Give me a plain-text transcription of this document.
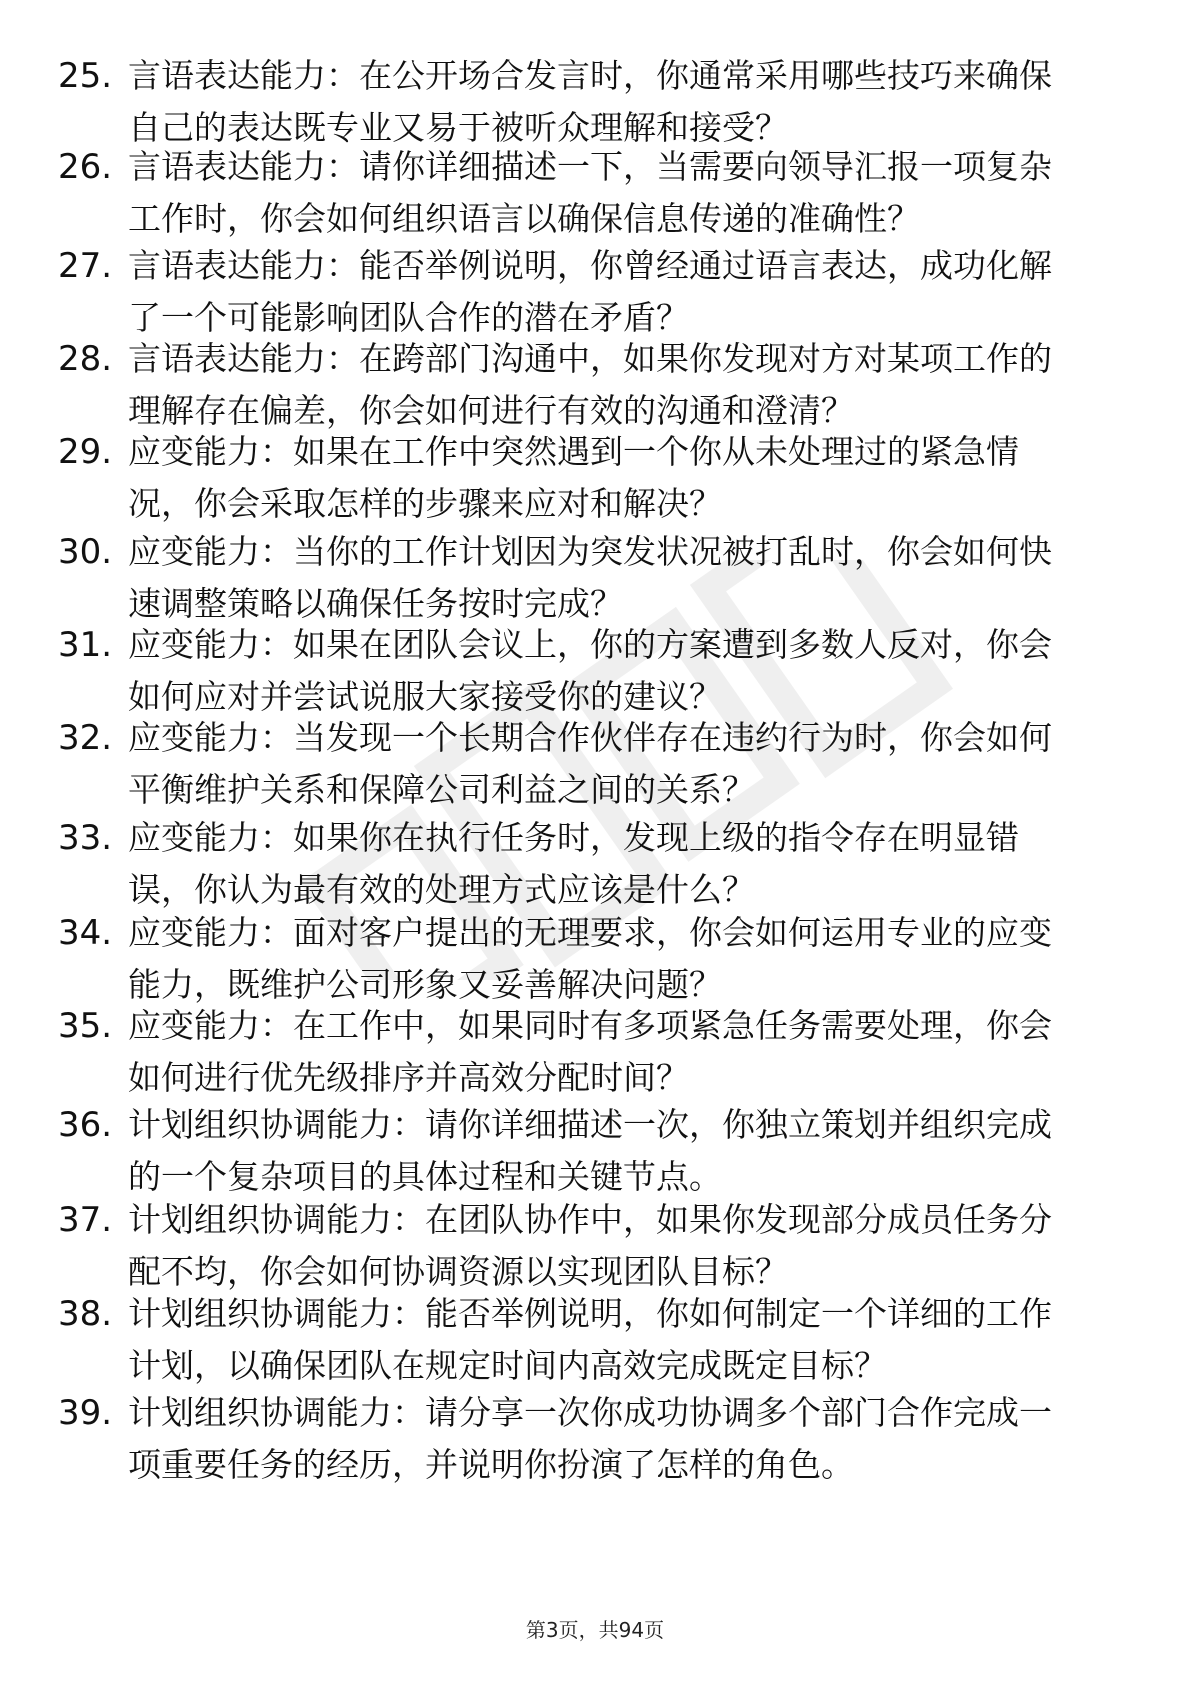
25. 言语表达能力：在公开场合发言时，你通常采用哪些技巧来确保
自己的表达既专业又易于被听众理解和接受？
26. 言语表达能力：请你详细描述一下，当需要向领导汇报一项复杂
工作时，你会如何组织语言以确保信息传递的准确性？
27. 言语表达能力：能否举例说明，你曾经通过语言表达，成功化解
了一个可能影响团队合作的潜在矛盾？
28. 言语表达能力：在跨部门沟通中，如果你发现对方对某项工作的
理解存在偏差，你会如何进行有效的沟通和澄清？
29. 应变能力：如果在工作中突然遇到一个你从未处理过的紧急情
况，你会采取怎样的步骤来应对和解决？
30. 应变能力：当你的工作计划因为突发状况被打乱时，你会如何快
速调整策略以确保任务按时完成？
31. 应变能力：如果在团队会议上，你的方案遭到多数人反对，你会
如何应对并尝试说服大家接受你的建议？
32. 应变能力：当发现一个长期合作伙伴存在违约行为时，你会如何
平衡维护关系和保障公司利益之间的关系？
33. 应变能力：如果你在执行任务时，发现上级的指令存在明显错
误，你认为最有效的处理方式应该是什么？
34. 应变能力：面对客户提出的无理要求，你会如何运用专业的应变
能力，既维护公司形象又妥善解决问题？
35. 应变能力：在工作中，如果同时有多项紧急任务需要处理，你会
如何进行优先级排序并高效分配时间？
36. 计划组织协调能力：请你详细描述一次，你独立策划并组织完成
的一个复杂项目的具体过程和关键节点。
37. 计划组织协调能力：在团队协作中，如果你发现部分成员任务分
配不均，你会如何协调资源以实现团队目标？
38. 计划组织协调能力：能否举例说明，你如何制定一个详细的工作
计划，以确保团队在规定时间内高效完成既定目标？
39. 计划组织协调能力：请分享一次你成功协调多个部门合作完成一
项重要任务的经历，并说明你扮演了怎样的角色。
第3页，共94页
